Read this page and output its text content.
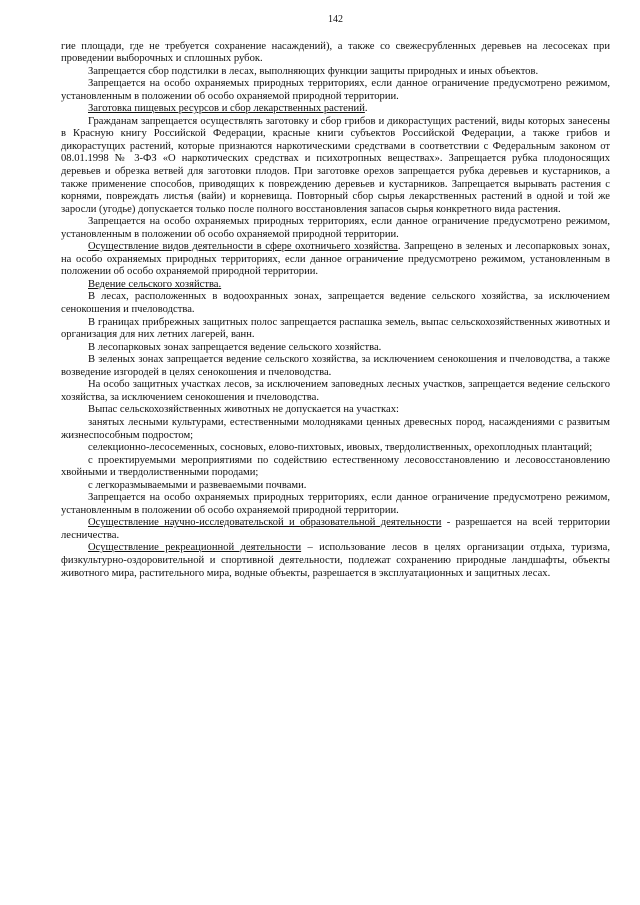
142

гие площади, где не требуется сохранение насаждений), а также со свежесрубленных деревьев на лесосеках при проведении выборочных и сплошных рубок.

Запрещается сбор подстилки в лесах, выполняющих функции защиты природных и иных объектов.

Запрещается на особо охраняемых природных территориях, если данное ограничение предусмотрено режимом, установленным в положении об особо охраняемой природной территории.

Заготовка пищевых ресурсов и сбор лекарственных растений.

Гражданам запрещается осуществлять заготовку и сбор грибов и дикорастущих растений, виды которых занесены в Красную книгу Российской Федерации, красные книги субъектов Российской Федерации, а также грибов и дикорастущих растений, которые признаются наркотическими средствами в соответствии с Федеральным законом от 08.01.1998 № 3-ФЗ «О наркотических средствах и психотропных веществах». Запрещается рубка плодоносящих деревьев и обрезка ветвей для заготовки плодов. При заготовке орехов запрещается рубка деревьев и кустарников, а также применение способов, приводящих к повреждению деревьев и кустарников. Запрещается вырывать растения с корнями, повреждать листья (вайи) и корневища. Повторный сбор сырья лекарственных растений в одной и той же заросли (угодье) допускается только после полного восстановления запасов сырья конкретного вида растения.

Запрещается на особо охраняемых природных территориях, если данное ограничение предусмотрено режимом, установленным в положении об особо охраняемой природной территории.

Осуществление видов деятельности в сфере охотничьего хозяйства. Запрещено в зеленых и лесопарковых зонах, на особо охраняемых природных территориях, если данное ограничение предусмотрено режимом, установленным в положении об особо охраняемой природной территории.

Ведение сельского хозяйства.

В лесах, расположенных в водоохранных зонах, запрещается ведение сельского хозяйства, за исключением сенокошения и пчеловодства.

В границах прибрежных защитных полос запрещается распашка земель, выпас сельскохозяйственных животных и организация для них летних лагерей, ванн.

В лесопарковых зонах запрещается ведение сельского хозяйства.

В зеленых зонах запрещается ведение сельского хозяйства, за исключением сенокошения и пчеловодства, а также возведение изгородей в целях сенокошения и пчеловодства.

На особо защитных участках лесов, за исключением заповедных лесных участков, запрещается ведение сельского хозяйства, за исключением сенокошения и пчеловодства.

Выпас сельскохозяйственных животных не допускается на участках:

занятых лесными культурами, естественными молодняками ценных древесных пород, насаждениями с развитым жизнеспособным подростом;

селекционно-лесосеменных, сосновых, елово-пихтовых, ивовых, твердолиственных, орехоплодных плантаций;

с проектируемыми мероприятиями по содействию естественному лесовосстановлению и лесовосстановлению хвойными и твердолиственными породами;

с легкоразмываемыми и развеваемыми почвами.

Запрещается на особо охраняемых природных территориях, если данное ограничение предусмотрено режимом, установленным в положении об особо охраняемой природной территории.

Осуществление научно-исследовательской и образовательной деятельности - разрешается на всей территории лесничества.

Осуществление рекреационной деятельности – использование лесов в целях организации отдыха, туризма, физкультурно-оздоровительной и спортивной деятельности, подлежат сохранению природные ландшафты, объекты животного мира, растительного мира, водные объекты, разрешается в эксплуатационных и защитных лесах.
